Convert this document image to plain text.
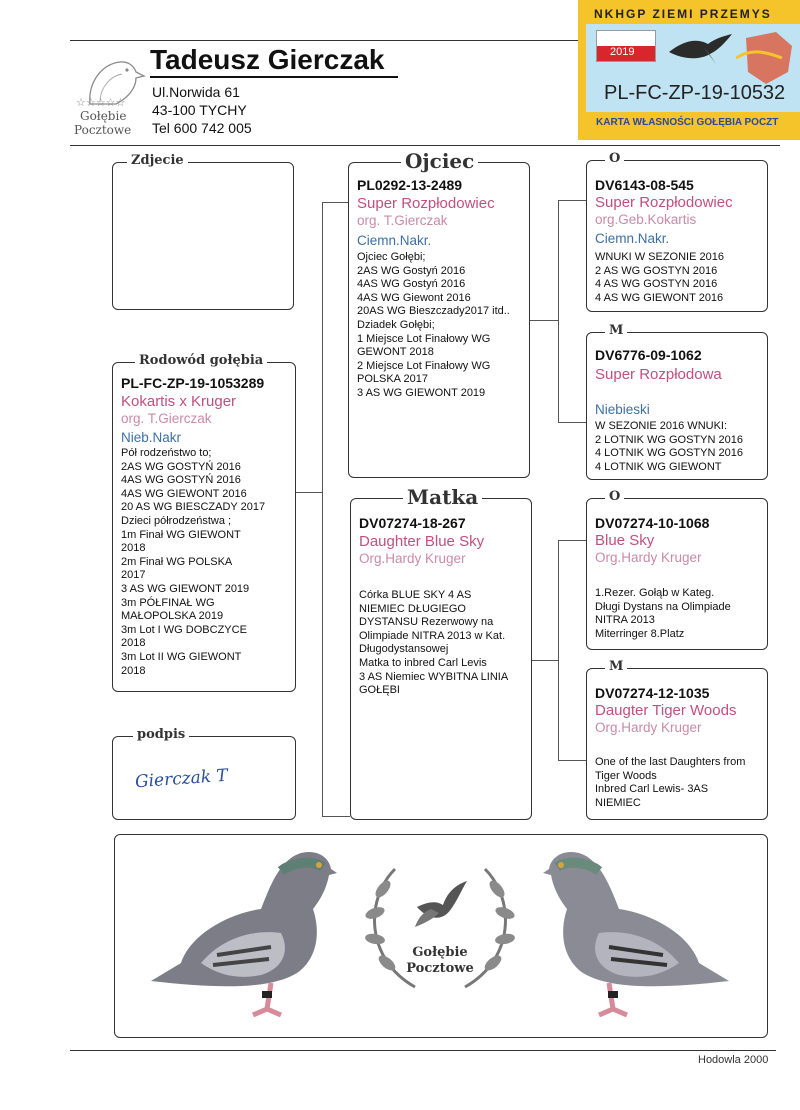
☆☆☆☆☆
Gołębie
Pocztowe
Tadeusz Gierczak
Ul.Norwida 61
43-100 TYCHY
Tel 600 742 005
NKHGP ZIEMI PRZEMYS
2019
PL-FC-ZP-19-10532
KARTA WŁASNOŚCI GOŁĘBIA POCZT
Zdjecie
Rodowód gołębia
PL-FC-ZP-19-1053289
Kokartis x Kruger
org. T.Gierczak
Nieb.Nakr
Pół rodzeństwo to;
2AS WG GOSTYŃ 2016
4AS WG GOSTYŃ 2016
4AS WG GIEWONT 2016
20 AS WG BIESCZADY 2017
Dzieci półrodzeństwa ;
1m Finał WG GIEWONT
2018
2m Finał WG POLSKA
2017
3 AS WG GIEWONT 2019
3m PÓŁFINAŁ WG
MAŁOPOLSKA 2019
3m Lot I WG DOBCZYCE
2018
3m Lot II WG GIEWONT
2018
podpis
Gierczak T
Ojciec
PL0292-13-2489
Super Rozpłodowiec
org. T.Gierczak
Ciemn.Nakr.
Ojciec Gołębi;
2AS WG Gostyń 2016
4AS WG Gostyń 2016
4AS WG Giewont 2016
20AS WG Bieszczady2017 itd..
Dziadek Gołębi;
1 Miejsce Lot Finałowy WG
GEWONT 2018
2 Miejsce Lot Finałowy WG
POLSKA 2017
3 AS WG GIEWONT 2019
Matka
DV07274-18-267
Daughter Blue Sky
Org.Hardy Kruger
Córka BLUE SKY 4 AS
NIEMIEC DŁUGIEGO
DYSTANSU Rezerwowy na
Olimpiade NITRA 2013 w Kat.
Długodystansowej
Matka to inbred Carl Levis
3 AS Niemiec WYBITNA LINIA
GOŁĘBI
O
DV6143-08-545
Super Rozpłodowiec
org.Geb.Kokartis
Ciemn.Nakr.
WNUKI W SEZONIE 2016
2 AS WG GOSTYN 2016
4 AS WG GOSTYN 2016
4 AS WG GIEWONT 2016
M
DV6776-09-1062
Super Rozpłodowa
Niebieski
W SEZONIE 2016 WNUKI:
2 LOTNIK WG GOSTYN 2016
4 LOTNIK WG GOSTYN 2016
4 LOTNIK WG GIEWONT
O
DV07274-10-1068
Blue Sky
Org.Hardy Kruger
1.Rezer. Gołąb w Kateg.
Długi Dystans na Olimpiade
NITRA 2013
Miterringer 8.Platz
M
DV07274-12-1035
Daugter Tiger Woods
Org.Hardy Kruger
One of the last Daughters from
Tiger Woods
Inbred Carl Lewis- 3AS
NIEMIEC
Gołębie
Pocztowe
Hodowla 2000
